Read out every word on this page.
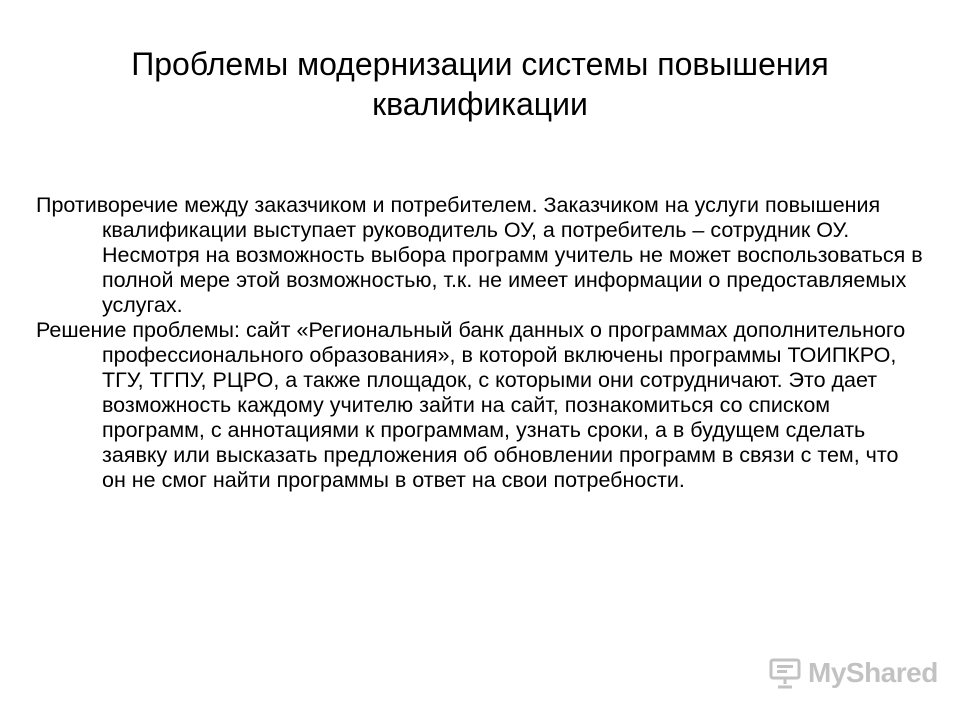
Проблемы модернизации системы повышения
квалификации

Противоречие между заказчиком и потребителем. Заказчиком на услуги повышения квалификации выступает руководитель ОУ, а потребитель – сотрудник ОУ. Несмотря на возможность выбора программ учитель не может воспользоваться в полной мере этой возможностью, т.к. не имеет информации о предоставляемых услугах.

Решение проблемы: сайт «Региональный банк данных о программах дополнительного профессионального образования», в которой включены программы ТОИПКРО, ТГУ, ТГПУ, РЦРО, а также площадок, с которыми они сотрудничают. Это дает возможность каждому учителю зайти на сайт, познакомиться со списком программ, с аннотациями к программам, узнать сроки, а в будущем сделать заявку или высказать предложения об обновлении программ в связи с тем, что он не смог найти программы в ответ на свои потребности.

MyShared
